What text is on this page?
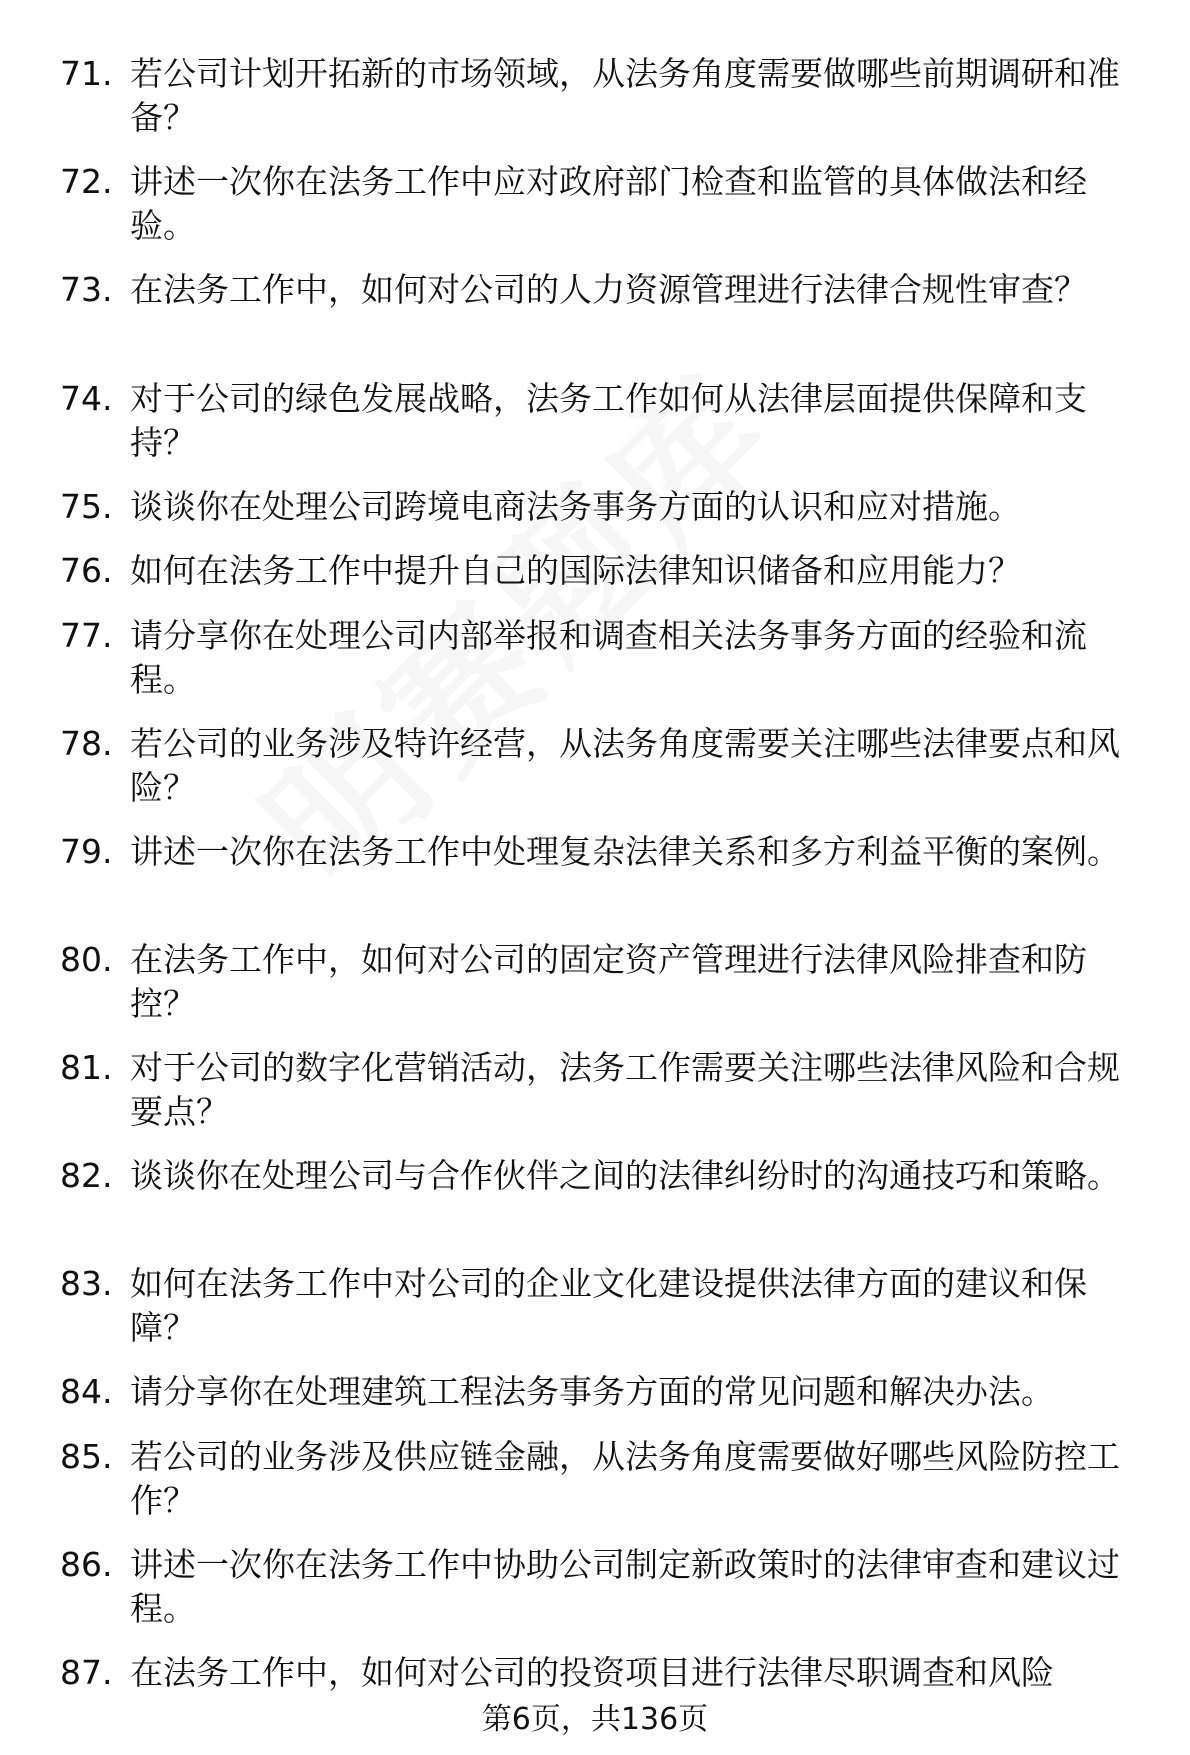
71. 若公司计划开拓新的市场领域，从法务角度需要做哪些前期调研和准备？
72. 讲述一次你在法务工作中应对政府部门检查和监管的具体做法和经验。
73. 在法务工作中，如何对公司的人力资源管理进行法律合规性审查？
74. 对于公司的绿色发展战略，法务工作如何从法律层面提供保障和支持？
75. 谈谈你在处理公司跨境电商法务事务方面的认识和应对措施。
76. 如何在法务工作中提升自己的国际法律知识储备和应用能力？
77. 请分享你在处理公司内部举报和调查相关法务事务方面的经验和流程。
78. 若公司的业务涉及特许经营，从法务角度需要关注哪些法律要点和风险？
79. 讲述一次你在法务工作中处理复杂法律关系和多方利益平衡的案例。
80. 在法务工作中，如何对公司的固定资产管理进行法律风险排查和防控？
81. 对于公司的数字化营销活动，法务工作需要关注哪些法律风险和合规要点？
82. 谈谈你在处理公司与合作伙伴之间的法律纠纷时的沟通技巧和策略。
83. 如何在法务工作中对公司的企业文化建设提供法律方面的建议和保障？
84. 请分享你在处理建筑工程法务事务方面的常见问题和解决办法。
85. 若公司的业务涉及供应链金融，从法务角度需要做好哪些风险防控工作？
86. 讲述一次你在法务工作中协助公司制定新政策时的法律审查和建议过程。
87. 在法务工作中，如何对公司的投资项目进行法律尽职调查和风险
第6页，共136页
